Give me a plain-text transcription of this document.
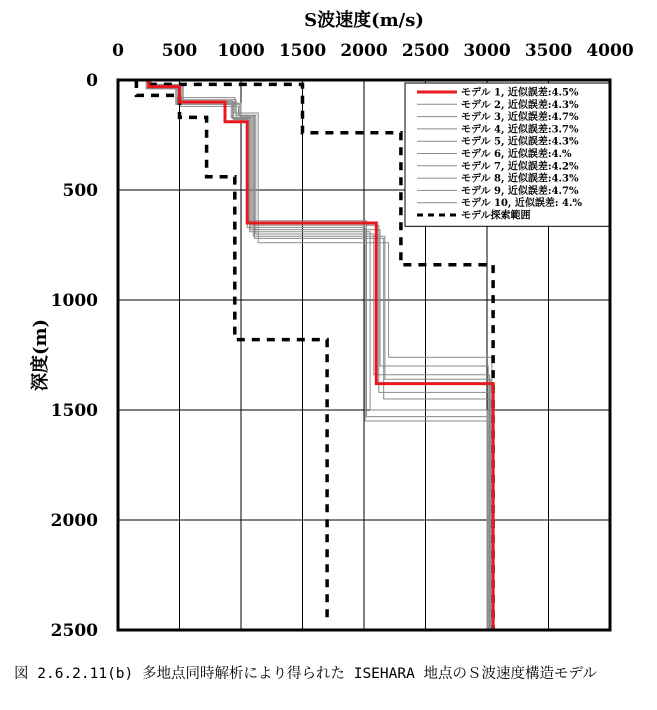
0 500 1000 1500 2000 2500 3000 3500 4000
0
500
1000
1500
2000
2500
S波速度(m/s)
深度(m)
モデル 1, 近似誤差:4.5%
モデル 2, 近似誤差:4.3%
モデル 3, 近似誤差:4.7%
モデル 4, 近似誤差:3.7%
モデル 5, 近似誤差:4.3%
モデル 6, 近似誤差:4.%
モデル 7, 近似誤差:4.2%
モデル 8, 近似誤差:4.3%
モデル 9, 近似誤差:4.7%
モデル 10, 近似誤差: 4.%
モデル探索範囲
図 2.6.2.11(b) 多地点同時解析により得られた ISEHARA 地点のＳ波速度構造モデル
